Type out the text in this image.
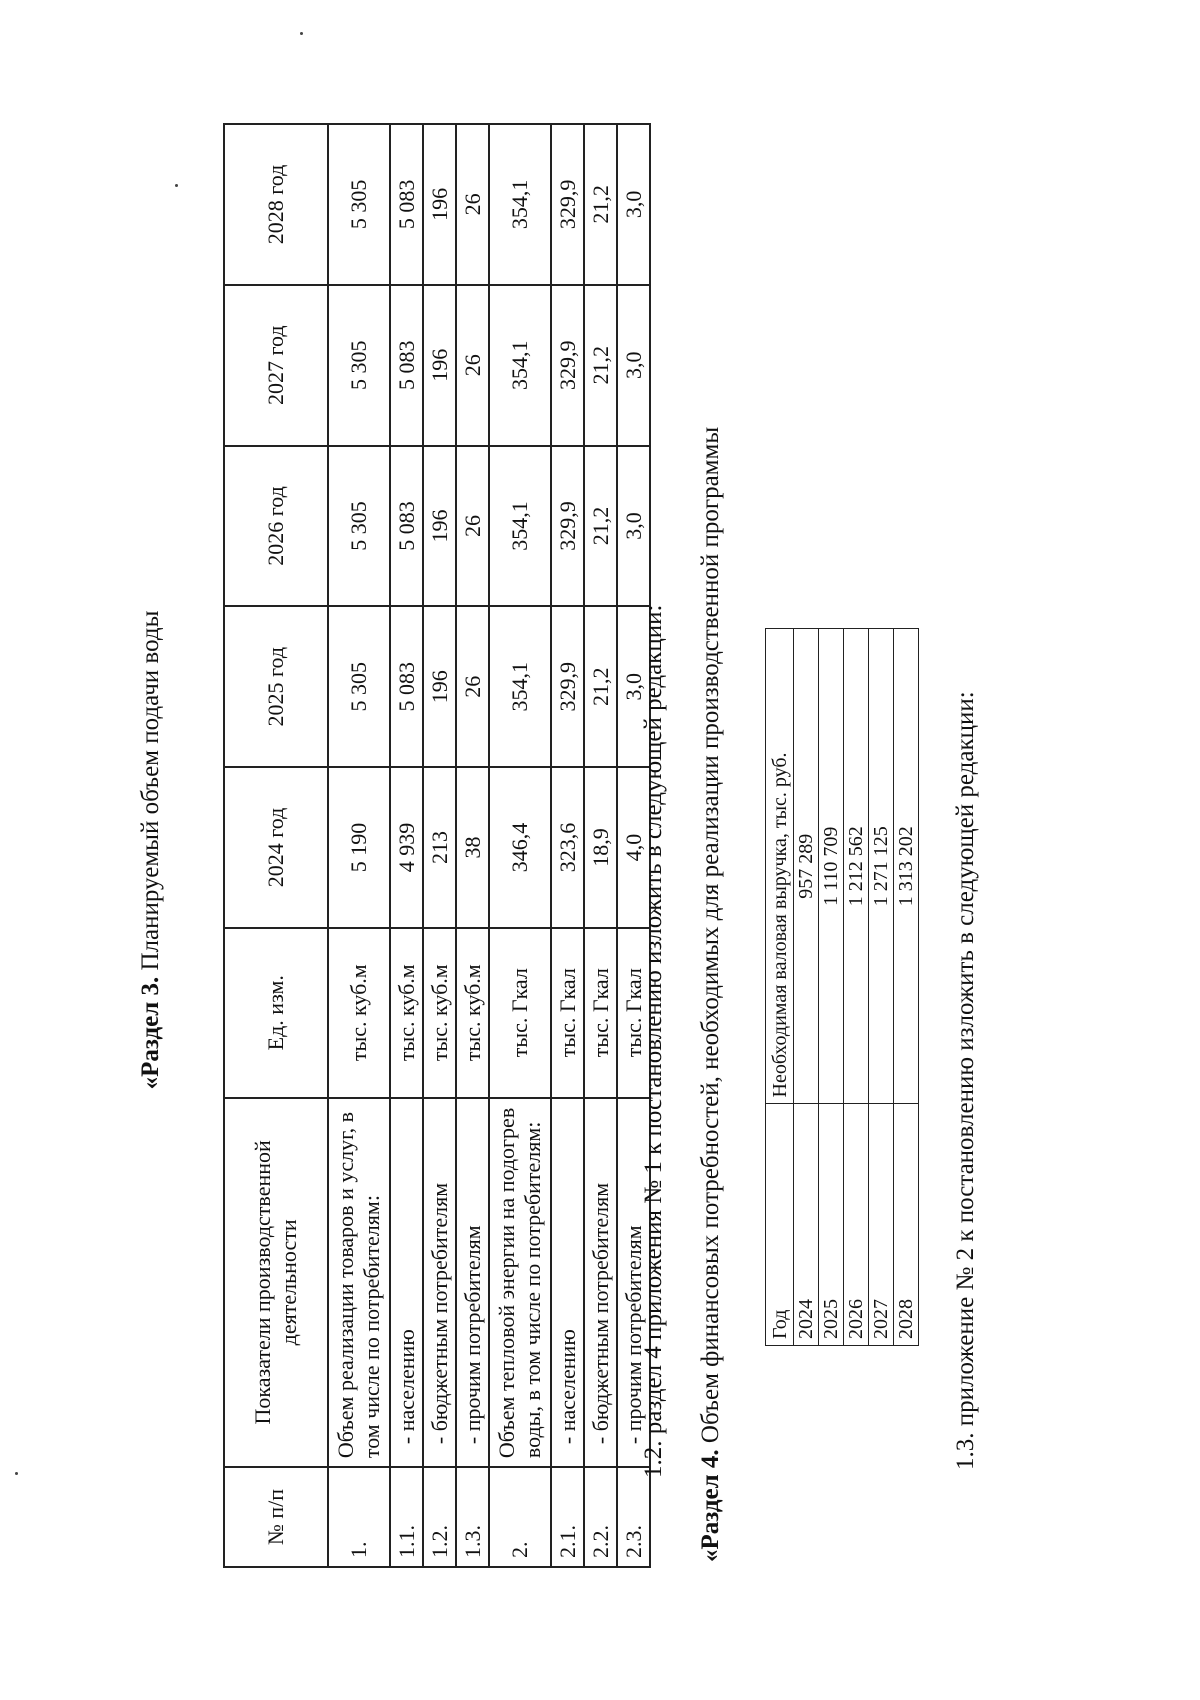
«Раздел 3. Планируемый объем подачи воды
№ п/п	Показатели производственной деятельности	Ед. изм.	2024 год	2025 год	2026 год	2027 год	2028 год
1.	Объем реализации товаров и услуг, в том числе по потребителям:	тыс. куб.м	5 190	5 305	5 305	5 305	5 305
1.1.	- населению	тыс. куб.м	4 939	5 083	5 083	5 083	5 083
1.2.	- бюджетным потребителям	тыс. куб.м	213	196	196	196	196
1.3.	- прочим потребителям	тыс. куб.м	38	26	26	26	26
2.	Объем тепловой энергии на подогрев воды, в том числе по потребителям:	тыс. Гкал	346,4	354,1	354,1	354,1	354,1
2.1.	- населению	тыс. Гкал	323,6	329,9	329,9	329,9	329,9
2.2.	- бюджетным потребителям	тыс. Гкал	18,9	21,2	21,2	21,2	21,2
2.3.	- прочим потребителям	тыс. Гкал	4,0	3,0	3,0	3,0	3,0
1.2. раздел 4 приложения № 1 к постановлению изложить в следующей редакции:
«Раздел 4. Объем финансовых потребностей, необходимых для реализации производственной программы Год	Необходимая валовая выручка, тыс. руб.
2024	957 289
2025	1 110 709
2026	1 212 562
2027	1 271 125
2028	1 313 202 1.3. приложение № 2 к постановлению изложить в следующей редакции:
